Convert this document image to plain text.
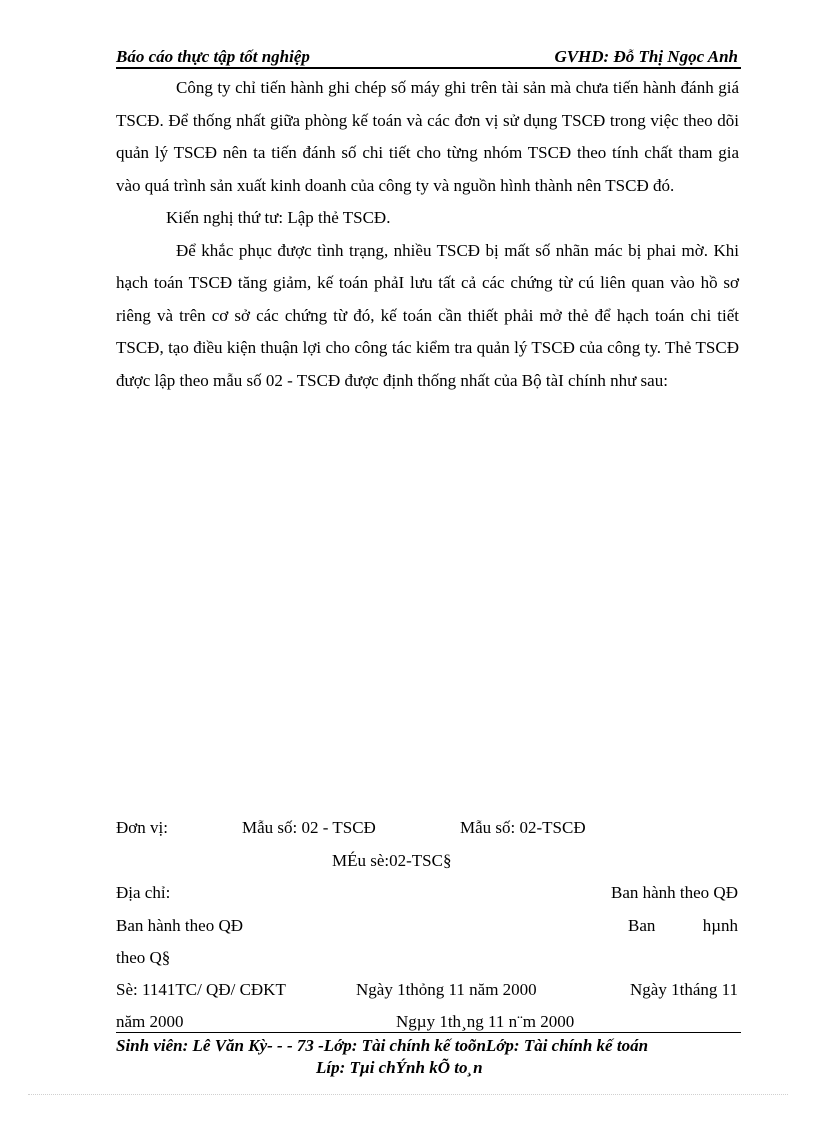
Báo cáo thực tập tốt nghiệp	GVHD: Đỗ Thị Ngọc Anh

Công ty chỉ tiến hành ghi chép số máy ghi trên tài sản mà chưa tiến hành đánh giá TSCĐ. Để thống nhất giữa phòng kế toán và các đơn vị sử dụng TSCĐ trong việc theo dõi quản lý TSCĐ nên ta tiến đánh số chi tiết cho từng nhóm TSCĐ theo tính chất tham gia vào quá trình sản xuất kinh doanh của công ty và nguồn hình thành nên TSCĐ đó.

Kiến nghị thứ tư: Lập thẻ TSCĐ.

Để khắc phục được tình trạng, nhiều TSCĐ bị mất số nhãn mác bị phai mờ. Khi hạch toán TSCĐ tăng giảm, kế toán phảI lưu tất cả các chứng từ cú liên quan vào hồ sơ riêng và trên cơ sở các chứng từ đó, kế toán cần thiết phải mở thẻ để hạch toán chi tiết TSCĐ, tạo điều kiện thuận lợi cho công tác kiểm tra quản lý TSCĐ của công ty. Thẻ TSCĐ được lập theo mẫu số 02 - TSCĐ được định thống nhất của Bộ tàI chính như sau:

Đơn vị:	Mẫu số: 02 - TSCĐ	Mẫu số: 02-TSCĐ
MÉu sè:02-TSC§
Địa chỉ:	Ban hành theo QĐ
Ban hành theo QĐ	Ban	hµnh
theo Q§
Sè: 1141TC/ QĐ/ CĐKT	Ngày 1thỏng 11 năm 2000	Ngày 1tháng 11
năm 2000	Ngµy 1th¸ng 11 n¨m 2000
Sinh viên: Lê Văn Kỳ- - - 73 -Lớp: Tài chính kế toõnLớp: Tài chính kế toán
Líp: Tµi chÝnh kÕ to¸n
